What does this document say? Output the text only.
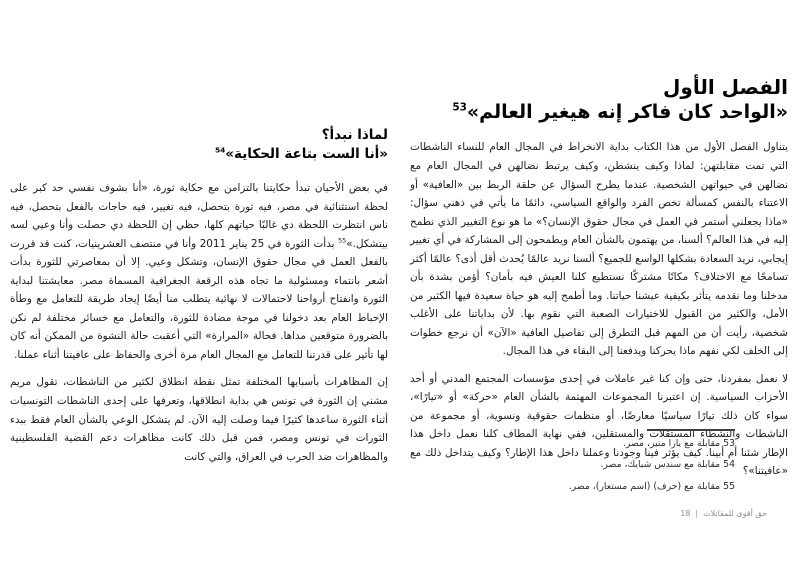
الفصل الأول
«الواحد كان فاكر إنه هيغير العالم»$^{53}$

يتناول الفصل الأول من هذا الكتاب بداية الانخراط في المجال العام للنساء الناشطات التي تمت مقابلتهن: لماذا وكيف ينشطن، وكيف يرتبط نضالهن في المجال العام مع نضالهن في حيواتهن الشخصية. عندما يطرح السؤال عن حلقة الربط بين «العافية» أو الاعتناء بالنفس كمسألة تخص الفرد والواقع السياسي، دائمًا ما يأتي في ذهني سؤال: «ماذا يجعلني أستمر في العمل في مجال حقوق الإنسان؟» ما هو نوع التغيير الذي نطمح إليه في هذا العالم؟ ألسنا، من يهتمون بالشأن العام ويطمحون إلى المشاركة في أي تغيير إيجابي، نريد السعادة بشكلها الواسع للجميع؟ ألسنا نريد عالمًا يُحدث أقل أذى؟ عالمًا أكثر تسامحًا مع الاختلاف؟ مكانًا مشتركًا نستطيع كلنا العيش فيه بأمان؟ أؤمن بشدة بأن مدخلنا وما نقدمه يتأثر بكيفية عيشنا حياتنا. وما أطمح إليه هو حياة سعيدة فيها الكثير من الأمل، والكثير من القبول للاختيارات الصعبة التي نقوم بها. لأن بداياتنا على الأغلب شخصية، رأيت أن من المهم قبل التطرق إلى تفاصيل العافية «الآن» أن نرجع خطوات إلى الخلف لكي نفهم ماذا يحركنا ويدفعنا إلى البقاء في هذا المجال.

لا نعمل بمفردنا، حتى وإن كنا غير عاملات في إحدى مؤسسات المجتمع المدني أو أحد الأحزاب السياسية. إن اعتبرنا المجموعات المهتمة بالشأن العام «حركة» أو «تيارًا»، سواء كان ذلك تيارًا سياسيًا معارضًا، أو منظمات حقوقية ونسوية، أو مجموعة من الناشطات والنشطاء المستقلات والمستقلين، ففي نهاية المطاف كلنا نعمل داخل هذا الإطار شئنا أم أبينا. كيف يؤثر فينا وجودنا وعملنا داخل هذا الإطار؟ وكيف يتداخل ذلك مع «عافيتنا»؟

لماذا نبدأ؟
«أنا الست بتاعة الحكاية»$^{54}$

في بعض الأحيان تبدأ حكايتنا بالتزامن مع حكاية ثورة، «أنا بشوف نفسي حد كبر على لحظة استثنائية في مصر، فيه ثورة بتحصل، فيه تغيير، فيه حاجات بالفعل بتحصل، فيه ناس انتظرت اللحظة دي غالبًا حياتهم كلها، حظي إن اللحظة دي حصلت وأنا وعيي لسه بيتشكل.»$^{55}$ بدأت الثورة في 25 يناير 2011 وأنا في منتصف العشرينيات، كنت قد قررت بالفعل العمل في مجال حقوق الإنسان، وتشكل وعيي. إلا أن بمعاصرتي للثورة بدأت أشعر بانتماء ومسئولية ما تجاه هذه الرقعة الجغرافية المسماة مصر. معايشتنا لبداية الثورة وانفتاح أرواحنا لاحتمالات لا نهائية يتطلب منا أيضًا إيجاد طريقة للتعامل مع وطأة الإحباط العام بعد دخولنا في موجة مضادة للثورة، والتعامل مع خسائر مختلفة لم نكن بالضرورة متوقعين مداها. فحالة «المرارة» التي أعقبت حالة النشوة من الممكن أنه كان لها تأثير على قدرتنا للتعامل مع المجال العام مرة أخرى والحفاظ على عافيتنا أثناء عملنا.

إن المظاهرات بأسبابها المختلفة تمثل نقطة انطلاق لكثير من الناشطات، تقول مريم مشني إن الثورة في تونس هي بداية انطلاقها، وتعرفها على إحدى الناشطات التونسيات أثناء الثورة ساعدها كثيرًا فيما وصلت إليه الآن. لم يتشكل الوعي بالشأن العام فقط ببدء الثورات في تونس ومصر، فمن قبل ذلك كانت مظاهرات دعم القضية الفلسطينية والمظاهرات ضد الحرب في العراق، والتي كانت

53مقابلة مع يارا منير، مصر.
54مقابلة مع سندس شبايك، مصر.
55مقابلة مع (حرف) (اسم مستعار)، مصر.
حق أقوى للمقاتلات|18
